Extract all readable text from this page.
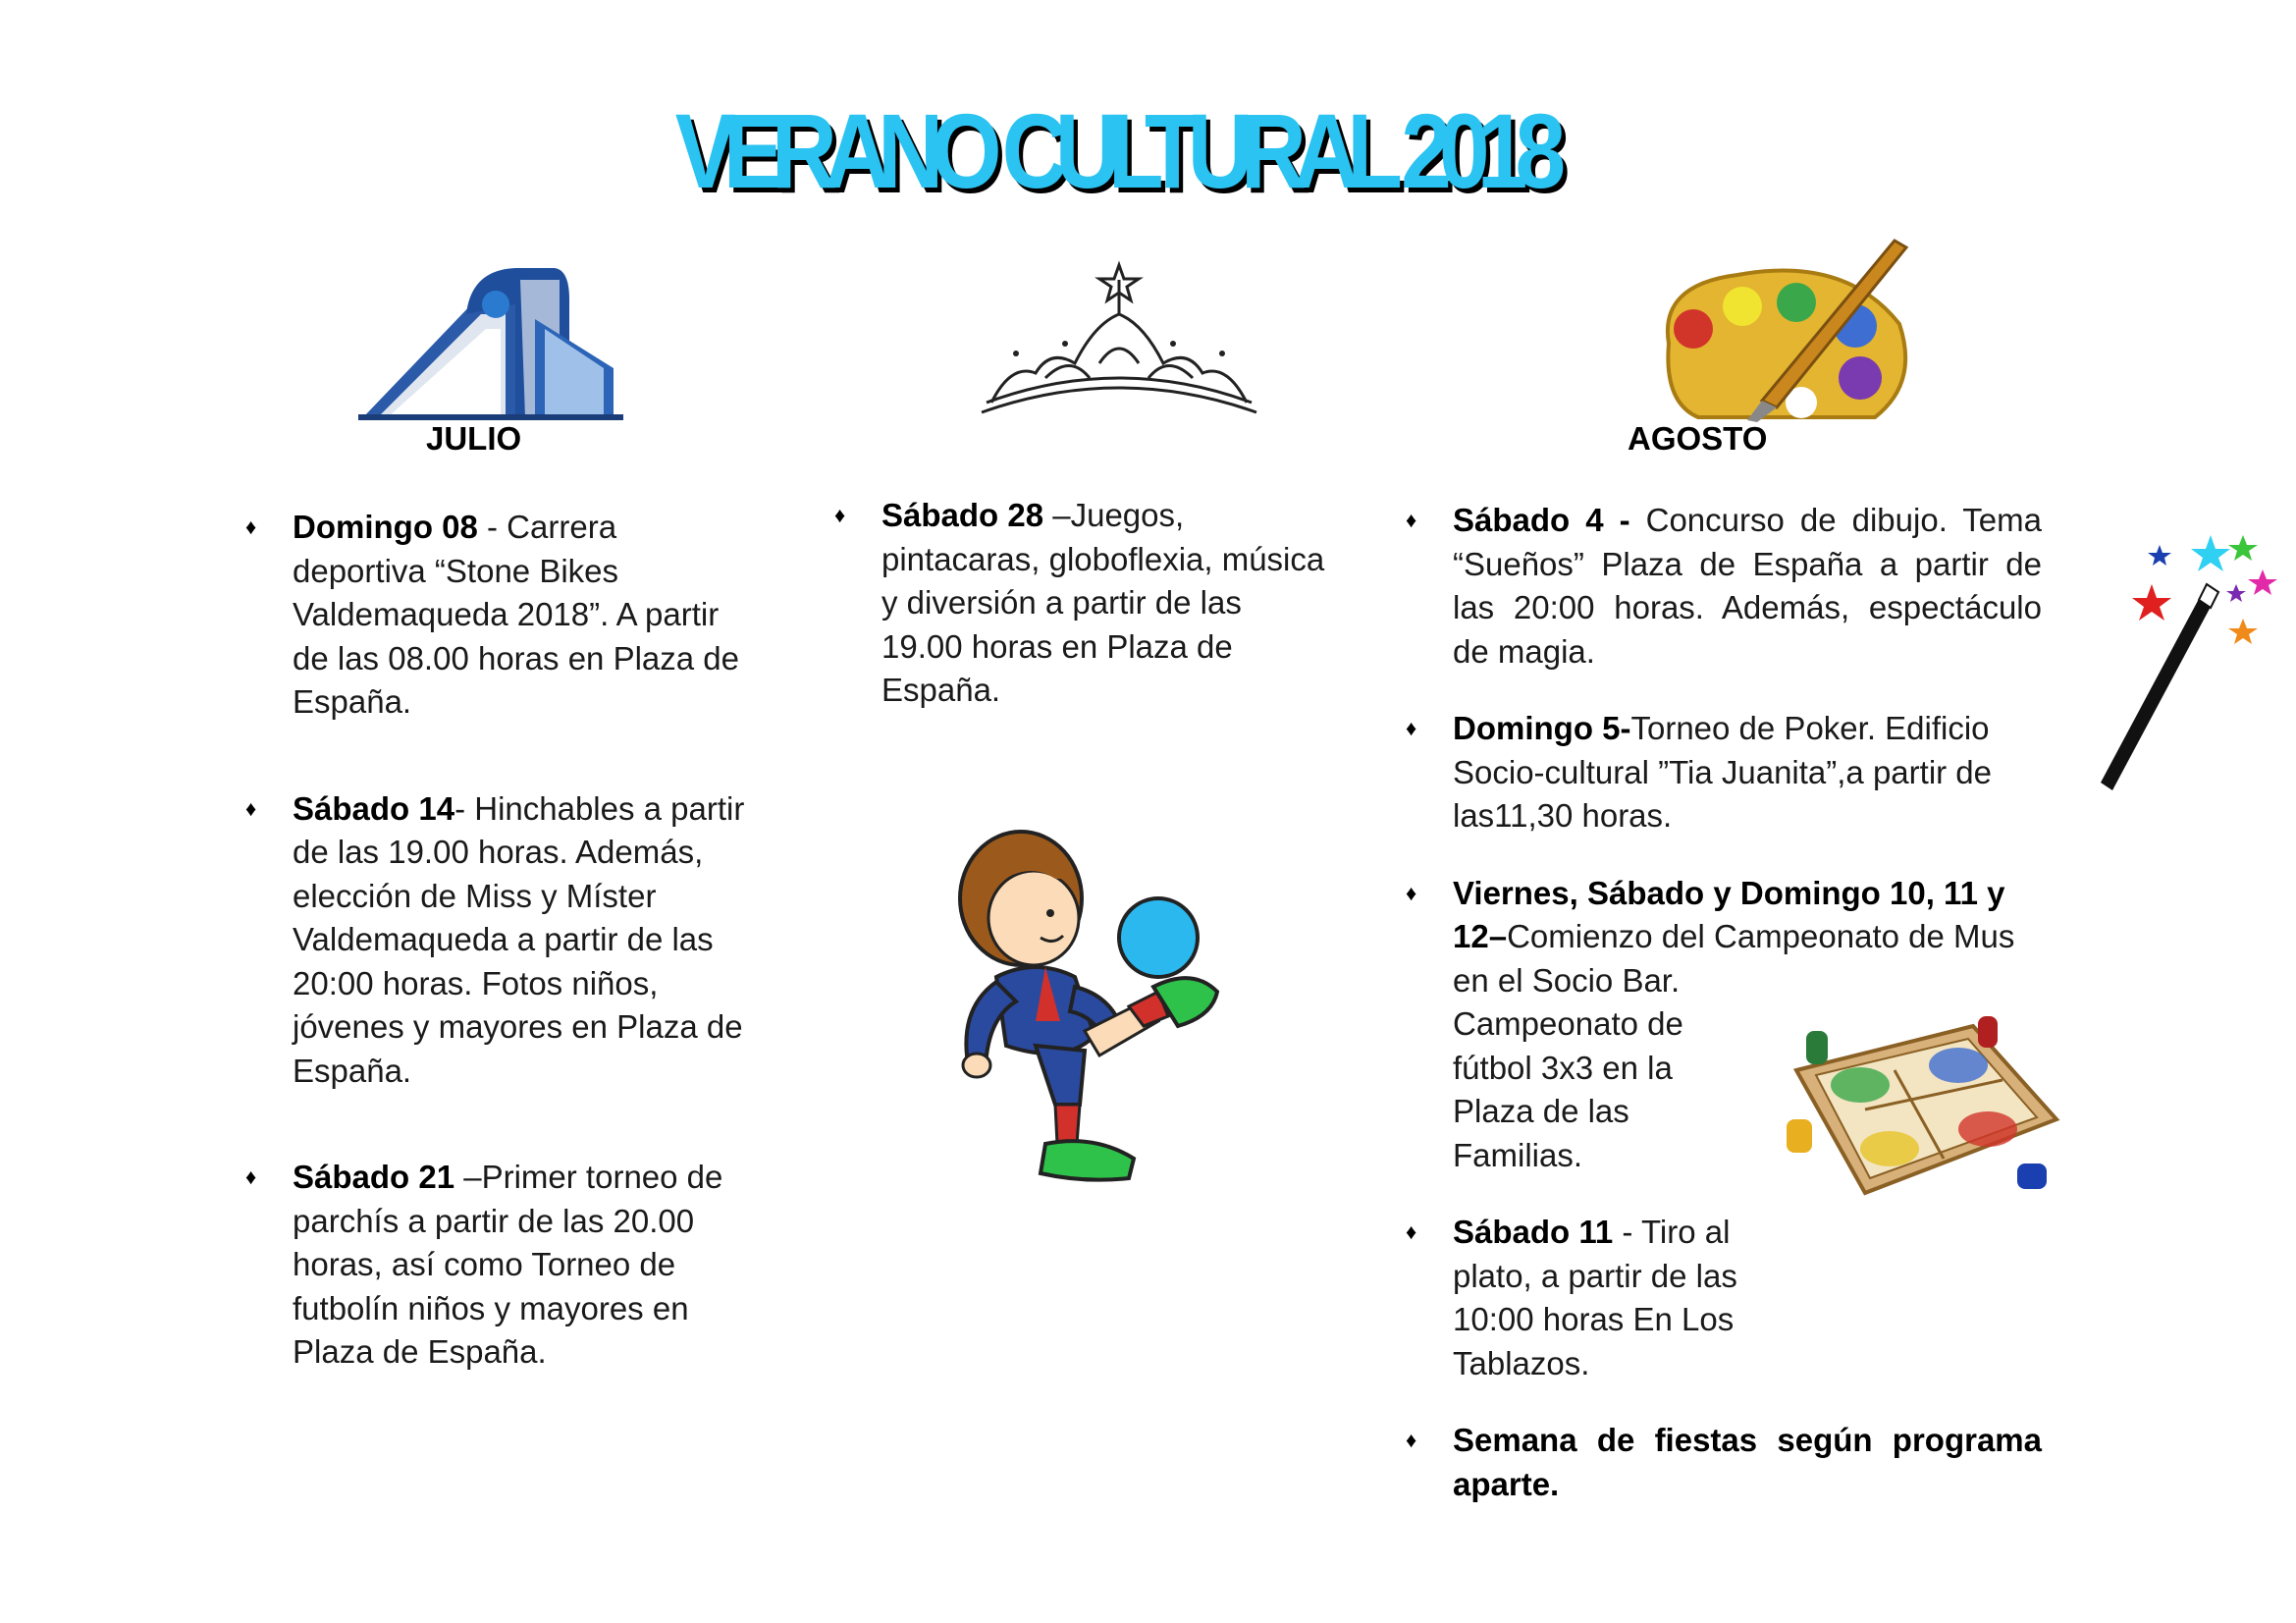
VERANO CULTURAL 2018
JULIO	AGOSTO
♦ Domingo 08 - Carrera deportiva “Stone Bikes Valdemaqueda 2018”. A partir de las 08.00 horas en Plaza de España.
♦ Sábado 14- Hinchables a partir de las 19.00 horas. Además, elección de Miss y Míster Valdemaqueda a partir de las 20:00 horas. Fotos niños, jóvenes y mayores en Plaza de España.
♦ Sábado 21 –Primer torneo de parchís a partir de las 20.00 horas, así como Torneo de futbolín niños y mayores en Plaza de España.
♦ Sábado 28 –Juegos, pintacaras, globoflexia, música y diversión a partir de las 19.00 horas en Plaza de España.
♦ Sábado 4 - Concurso de dibujo. Tema “Sueños” Plaza de España a partir de las 20:00 horas. Además, espectáculo de magia.
♦ Domingo 5-Torneo de Poker. Edificio Socio-cultural ”Tia Juanita”,a partir de las11,30 horas.
♦ Viernes, Sábado y Domingo 10, 11 y 12–Comienzo del Campeonato de Mus en el Socio Bar.
Campeonato de fútbol 3x3 en la Plaza de las Familias.
♦ Sábado 11 - Tiro al plato, a partir de las 10:00 horas En Los Tablazos.
♦ Semana de fiestas según programa aparte.
